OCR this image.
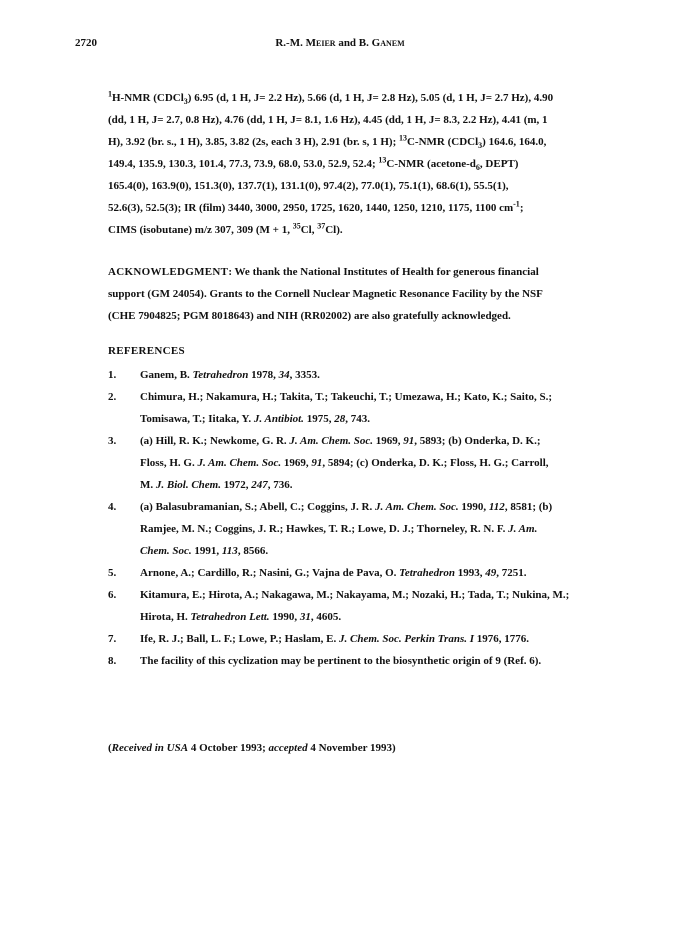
2720	R.-M. Meier and B. Ganem
$^1$H-NMR (CDCl$_3$) 6.95 (d, 1 H, J= 2.2 Hz), 5.66 (d, 1 H, J= 2.8 Hz), 5.05 (d, 1 H, J= 2.7 Hz), 4.90
(dd, 1 H, J= 2.7, 0.8 Hz), 4.76 (dd, 1 H, J= 8.1, 1.6 Hz), 4.45 (dd, 1 H, J= 8.3, 2.2 Hz), 4.41 (m, 1
H), 3.92 (br. s., 1 H), 3.85, 3.82 (2s, each 3 H), 2.91 (br. s, 1 H); $^{13}$C-NMR (CDCl$_3$) 164.6, 164.0,
149.4, 135.9, 130.3, 101.4, 77.3, 73.9, 68.0, 53.0, 52.9, 52.4; $^{13}$C-NMR ($acetone-d_6$, DEPT)
165.4(0), 163.9(0), 151.3(0), 137.7(1), 131.1(0), 97.4(2), 77.0(1), 75.1(1), 68.6(1), 55.5(1),
52.6(3), 52.5(3); IR (film) 3440, 3000, 2950, 1725, 1620, 1440, 1250, 1210, 1175, 1100 $cm^{-1}$;
CIMS (isobutane) m/z 307, 309 (M + 1, $^{35}$Cl, $^{37}$Cl).
ACKNOWLEDGMENT: We thank the National Institutes of Health for generous financial
support (GM 24054). Grants to the Cornell Nuclear Magnetic Resonance Facility by the NSF
(CHE 7904825; PGM 8018643) and NIH (RR02002) are also gratefully acknowledged.
REFERENCES
1. Ganem, B. Tetrahedron 1978, 34, 3353.
2. Chimura, H.; Nakamura, H.; Takita, T.; Takeuchi, T.; Umezawa, H.; Kato, K.; Saito, S.;
Tomisawa, T.; Iitaka, Y. J. Antibiot. 1975, 28, 743.
3. (a) Hill, R. K.; Newkome, G. R. J. Am. Chem. Soc. 1969, 91, 5893; (b) Onderka, D. K.;
Floss, H. G. J. Am. Chem. Soc. 1969, 91, 5894; (c) Onderka, D. K.; Floss, H. G.; Carroll,
M. J. Biol. Chem. 1972, 247, 736.
4. (a) Balasubramanian, S.; Abell, C.; Coggins, J. R. J. Am. Chem. Soc. 1990, 112, 8581; (b)
Ramjee, M. N.; Coggins, J. R.; Hawkes, T. R.; Lowe, D. J.; Thorneley, R. N. F. J. Am.
Chem. Soc. 1991, 113, 8566.
5. Arnone, A.; Cardillo, R.; Nasini, G.; Vajna de Pava, O. Tetrahedron 1993, 49, 7251.
6. Kitamura, E.; Hirota, A.; Nakagawa, M.; Nakayama, M.; Nozaki, H.; Tada, T.; Nukina, M.;
Hirota, H. Tetrahedron Lett. 1990, 31, 4605.
7. Ife, R. J.; Ball, L. F.; Lowe, P.; Haslam, E. J. Chem. Soc. Perkin Trans. I 1976, 1776.
8. The facility of this cyclization may be pertinent to the biosynthetic origin of 9 (Ref. 6).
(Received in USA 4 October 1993; accepted 4 November 1993)
